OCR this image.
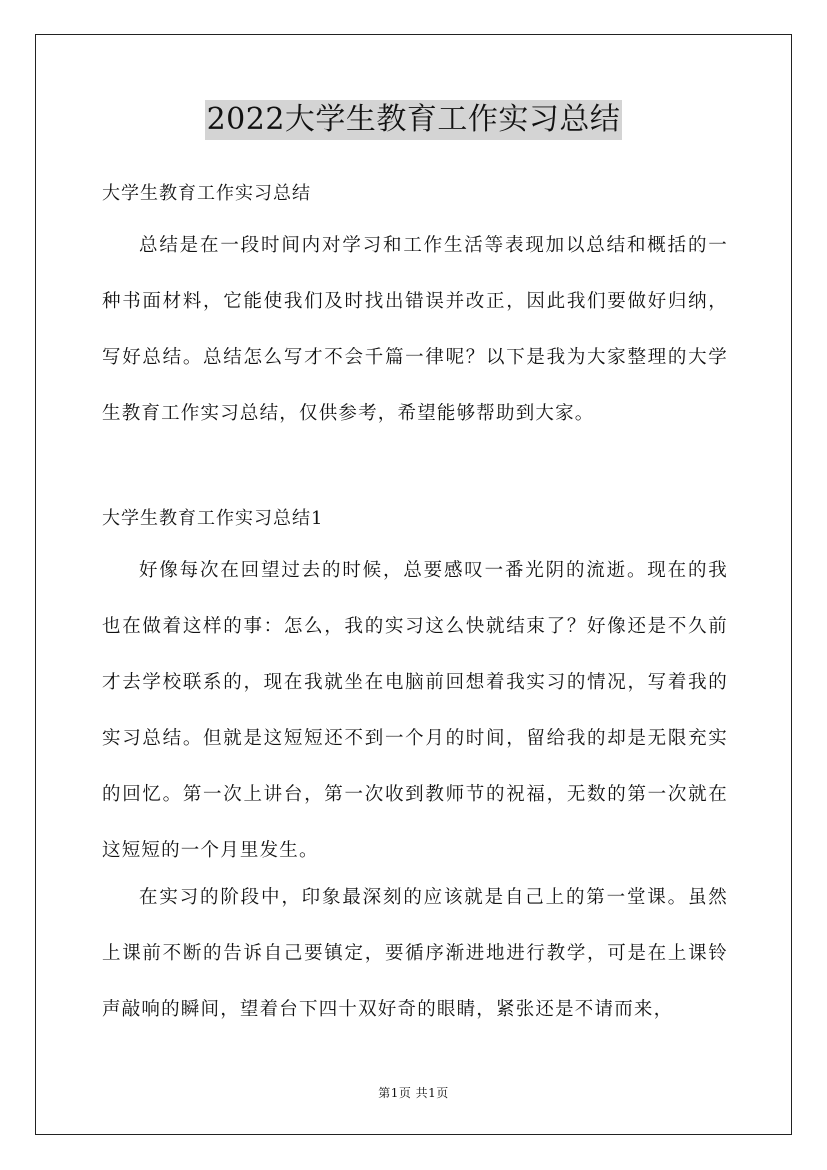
2022大学生教育工作实习总结
大学生教育工作实习总结

总结是在一段时间内对学习和工作生活等表现加以总结和概括的一种书面材料，它能使我们及时找出错误并改正，因此我们要做好归纳，写好总结。总结怎么写才不会千篇一律呢？以下是我为大家整理的大学生教育工作实习总结，仅供参考，希望能够帮助到大家。

大学生教育工作实习总结1

好像每次在回望过去的时候，总要感叹一番光阴的流逝。现在的我也在做着这样的事：怎么，我的实习这么快就结束了？好像还是不久前才去学校联系的，现在我就坐在电脑前回想着我实习的情况，写着我的实习总结。但就是这短短还不到一个月的时间，留给我的却是无限充实的回忆。第一次上讲台，第一次收到教师节的祝福，无数的第一次就在这短短的一个月里发生。

在实习的阶段中，印象最深刻的应该就是自己上的第一堂课。虽然上课前不断的告诉自己要镇定，要循序渐进地进行教学，可是在上课铃声敲响的瞬间，望着台下四十双好奇的眼睛，紧张还是不请而来，

第1页 共1页
